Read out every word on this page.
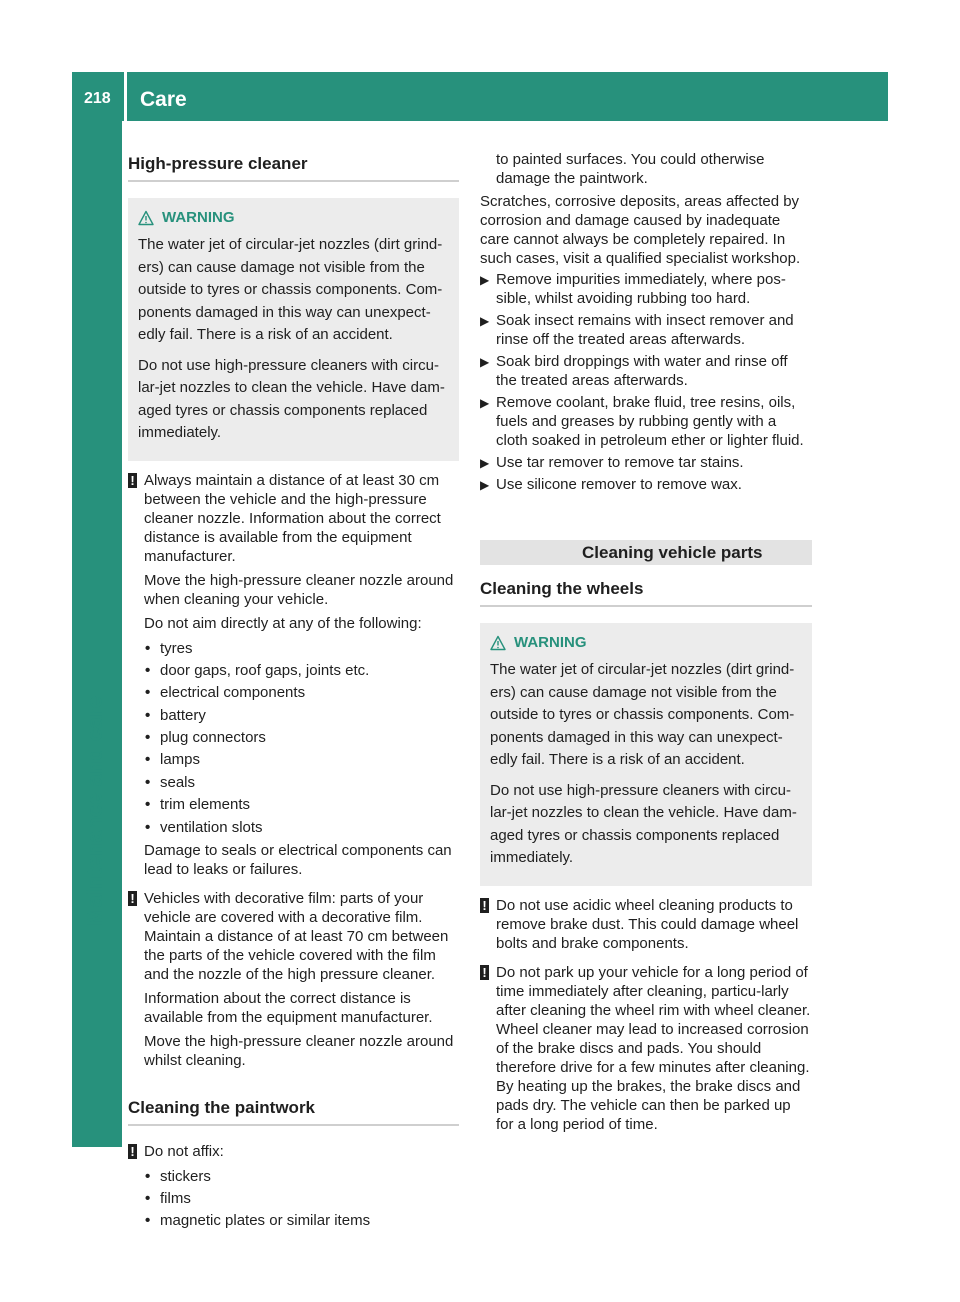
218 Care
Maintenance and care
High-pressure cleaner
WARNING

The water jet of circular-jet nozzles (dirt grind-ers) can cause damage not visible from the outside to tyres or chassis components. Com-ponents damaged in this way can unexpect-edly fail. There is a risk of an accident.

Do not use high-pressure cleaners with circu-lar-jet nozzles to clean the vehicle. Have dam-aged tyres or chassis components replaced immediately.

! Always maintain a distance of at least 30 cm between the vehicle and the high-pressure cleaner nozzle. Information about the correct distance is available from the equipment manufacturer.

Move the high-pressure cleaner nozzle around when cleaning your vehicle.

Do not aim directly at any of the following:

• tyres
• door gaps, roof gaps, joints etc.
• electrical components
• battery
• plug connectors
• lamps
• seals
• trim elements
• ventilation slots

Damage to seals or electrical components can lead to leaks or failures.

! Vehicles with decorative film: parts of your vehicle are covered with a decorative film. Maintain a distance of at least 70 cm between the parts of the vehicle covered with the film and the nozzle of the high pressure cleaner.

Information about the correct distance is available from the equipment manufacturer.

Move the high-pressure cleaner nozzle around whilst cleaning.

Cleaning the paintwork
! Do not affix:

• stickers
• films
• magnetic plates or similar items

to painted surfaces. You could otherwise damage the paintwork.

Scratches, corrosive deposits, areas affected by corrosion and damage caused by inadequate care cannot always be completely repaired. In such cases, visit a qualified specialist workshop.

▶ Remove impurities immediately, where pos-sible, whilst avoiding rubbing too hard.
▶ Soak insect remains with insect remover and rinse off the treated areas afterwards.
▶ Soak bird droppings with water and rinse off the treated areas afterwards.
▶ Remove coolant, brake fluid, tree resins, oils, fuels and greases by rubbing gently with a cloth soaked in petroleum ether or lighter fluid.
▶ Use tar remover to remove tar stains.
▶ Use silicone remover to remove wax.
Cleaning vehicle parts
Cleaning the wheels
WARNING

The water jet of circular-jet nozzles (dirt grind-ers) can cause damage not visible from the outside to tyres or chassis components. Com-ponents damaged in this way can unexpect-edly fail. There is a risk of an accident.

Do not use high-pressure cleaners with circu-lar-jet nozzles to clean the vehicle. Have dam-aged tyres or chassis components replaced immediately.

! Do not use acidic wheel cleaning products to remove brake dust. This could damage wheel bolts and brake components.

! Do not park up your vehicle for a long period of time immediately after cleaning, particu-larly after cleaning the wheel rim with wheel cleaner. Wheel cleaner may lead to increased corrosion of the brake discs and pads. You should therefore drive for a few minutes after cleaning. By heating up the brakes, the brake discs and pads dry. The vehicle can then be parked up for a long period of time.
